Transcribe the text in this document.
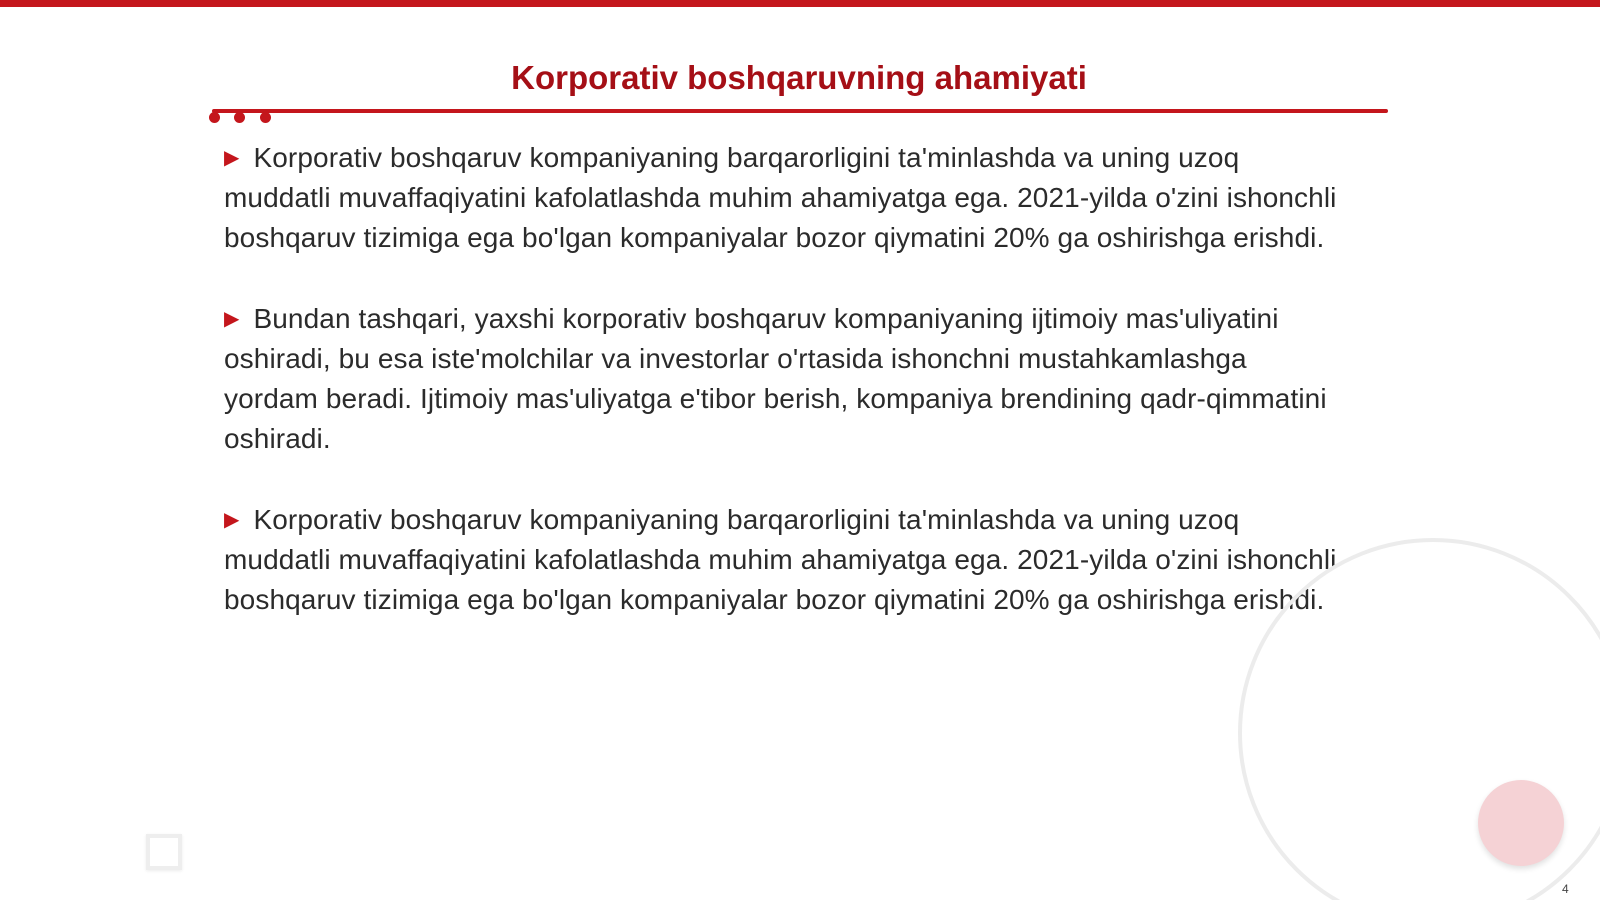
Korporativ boshqaruvning ahamiyati

▶ Korporativ boshqaruv kompaniyaning barqarorligini ta'minlashda va uning uzoq muddatli muvaffaqiyatini kafolatlashda muhim ahamiyatga ega. 2021-yilda o'zini ishonchli boshqaruv tizimiga ega bo'lgan kompaniyalar bozor qiymatini 20% ga oshirishga erishdi.

▶ Bundan tashqari, yaxshi korporativ boshqaruv kompaniyaning ijtimoiy mas'uliyatini oshiradi, bu esa iste'molchilar va investorlar o'rtasida ishonchni mustahkamlashga yordam beradi. Ijtimoiy mas'uliyatga e'tibor berish, kompaniya brendining qadr-qimmatini oshiradi.

▶ Korporativ boshqaruv kompaniyaning barqarorligini ta'minlashda va uning uzoq muddatli muvaffaqiyatini kafolatlashda muhim ahamiyatga ega. 2021-yilda o'zini ishonchli boshqaruv tizimiga ega bo'lgan kompaniyalar bozor qiymatini 20% ga oshirishga erishdi.

4
